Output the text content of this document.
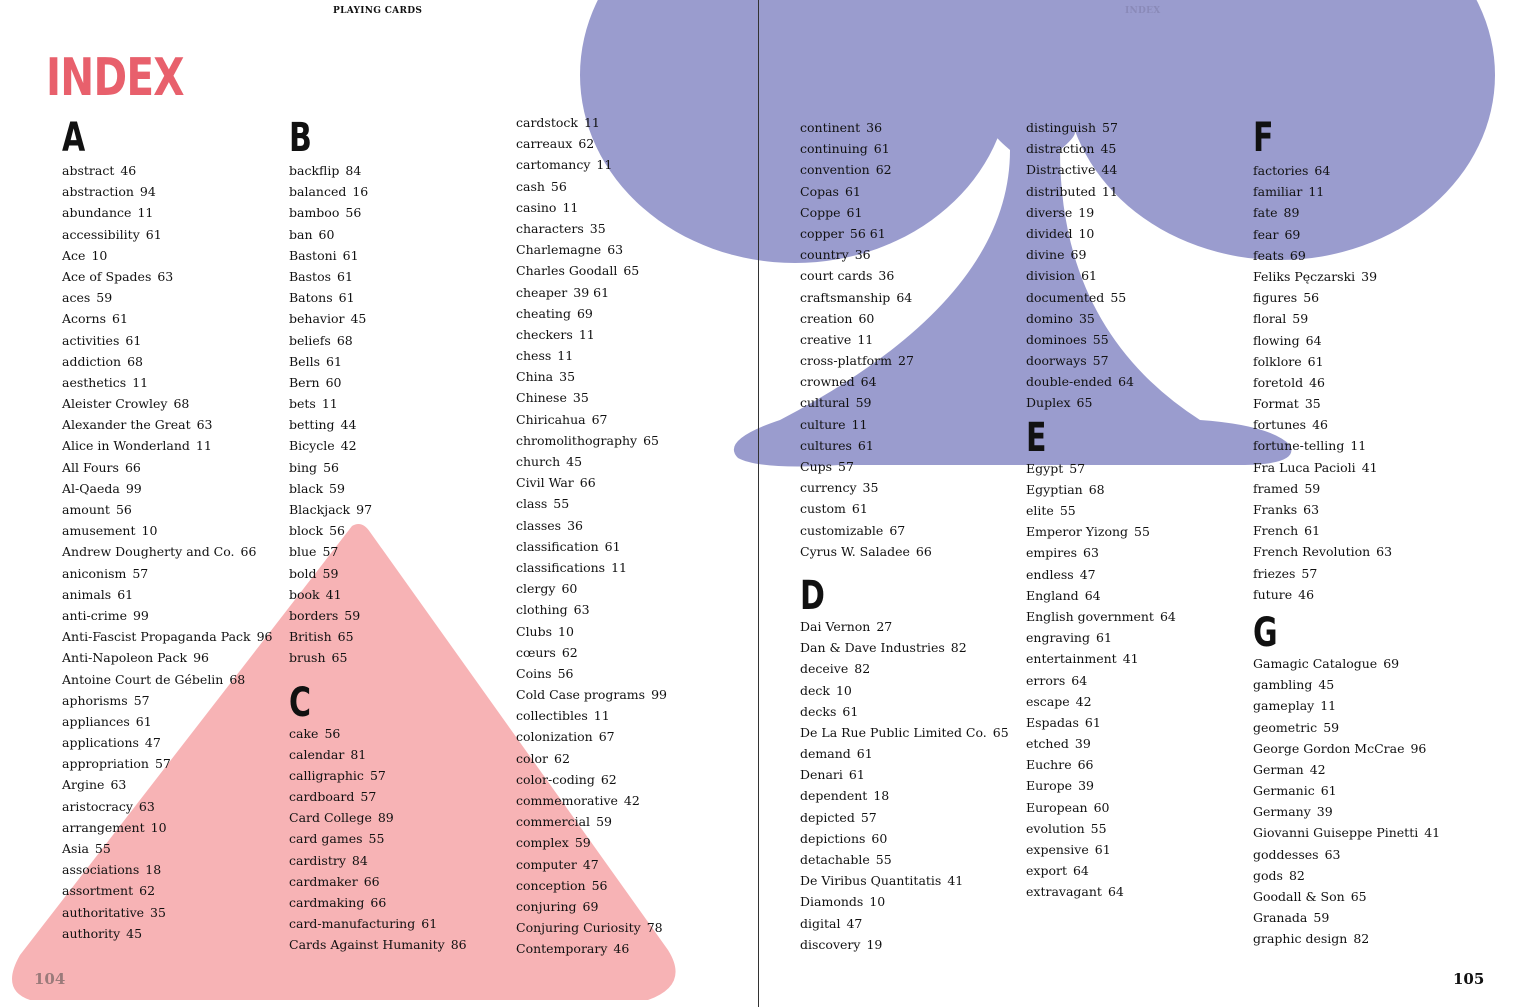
PLAYING CARDS	INDEX
INDEX
A
abstract 46
abstraction 94
abundance 11
accessibility 61
Ace 10
Ace of Spades 63
aces 59
Acorns 61
activities 61
addiction 68
aesthetics 11
Aleister Crowley 68
Alexander the Great 63
Alice in Wonderland 11
All Fours 66
Al-Qaeda 99
amount 56
amusement 10
Andrew Dougherty and Co. 66
aniconism 57
animals 61
anti-crime 99
Anti-Fascist Propaganda Pack 96
Anti-Napoleon Pack 96
Antoine Court de Gébelin 68
aphorisms 57
appliances 61
applications 47
appropriation 57
Argine 63
aristocracy 63
arrangement 10
Asia 55
associations 18
assortment 62
authoritative 35
authority 45
B
backflip 84
balanced 16
bamboo 56
ban 60
Bastoni 61
Bastos 61
Batons 61
behavior 45
beliefs 68
Bells 61
Bern 60
bets 11
betting 44
Bicycle 42
bing 56
black 59
Blackjack 97
block 56
blue 57
bold 59
book 41
borders 59
British 65
brush 65
C
cake 56
calendar 81
calligraphic 57
cardboard 57
Card College 89
card games 55
cardistry 84
cardmaker 66
cardmaking 66
card-manufacturing 61
Cards Against Humanity 86
cardstock 11
carreaux 62
cartomancy 11
cash 56
casino 11
characters 35
Charlemagne 63
Charles Goodall 65
cheaper 39 61
cheating 69
checkers 11
chess 11
China 35
Chinese 35
Chiricahua 67
chromolithography 65
church 45
Civil War 66
class 55
classes 36
classification 61
classifications 11
clergy 60
clothing 63
Clubs 10
cœurs 62
Coins 56
Cold Case programs 99
collectibles 11
colonization 67
color 62
color-coding 62
commemorative 42
commercial 59
complex 59
computer 47
conception 56
conjuring 69
Conjuring Curiosity 78
Contemporary 46
continent 36
continuing 61
convention 62
Copas 61
Coppe 61
copper 56 61
country 36
court cards 36
craftsmanship 64
creation 60
creative 11
cross-platform 27
crowned 64
cultural 59
culture 11
cultures 61
Cups 57
currency 35
custom 61
customizable 67
Cyrus W. Saladee 66
D
Dai Vernon 27
Dan & Dave Industries 82
deceive 82
deck 10
decks 61
De La Rue Public Limited Co. 65
demand 61
Denari 61
dependent 18
depicted 57
depictions 60
detachable 55
De Viribus Quantitatis 41
Diamonds 10
digital 47
discovery 19
distinguish 57
distraction 45
Distractive 44
distributed 11
diverse 19
divided 10
divine 69
division 61
documented 55
domino 35
dominoes 55
doorways 57
double-ended 64
Duplex 65
E
Egypt 57
Egyptian 68
elite 55
Emperor Yizong 55
empires 63
endless 47
England 64
English government 64
engraving 61
entertainment 41
errors 64
escape 42
Espadas 61
etched 39
Euchre 66
Europe 39
European 60
evolution 55
expensive 61
export 64
extravagant 64
F
factories 64
familiar 11
fate 89
fear 69
feats 69
Feliks Pęczarski 39
figures 56
floral 59
flowing 64
folklore 61
foretold 46
Format 35
fortunes 46
fortune-telling 11
Fra Luca Pacioli 41
framed 59
Franks 63
French 61
French Revolution 63
friezes 57
future 46
G
Gamagic Catalogue 69
gambling 45
gameplay 11
geometric 59
George Gordon McCrae 96
German 42
Germanic 61
Germany 39
Giovanni Guiseppe Pinetti 41
goddesses 63
gods 82
Goodall & Son 65
Granada 59
graphic design 82
104	105
